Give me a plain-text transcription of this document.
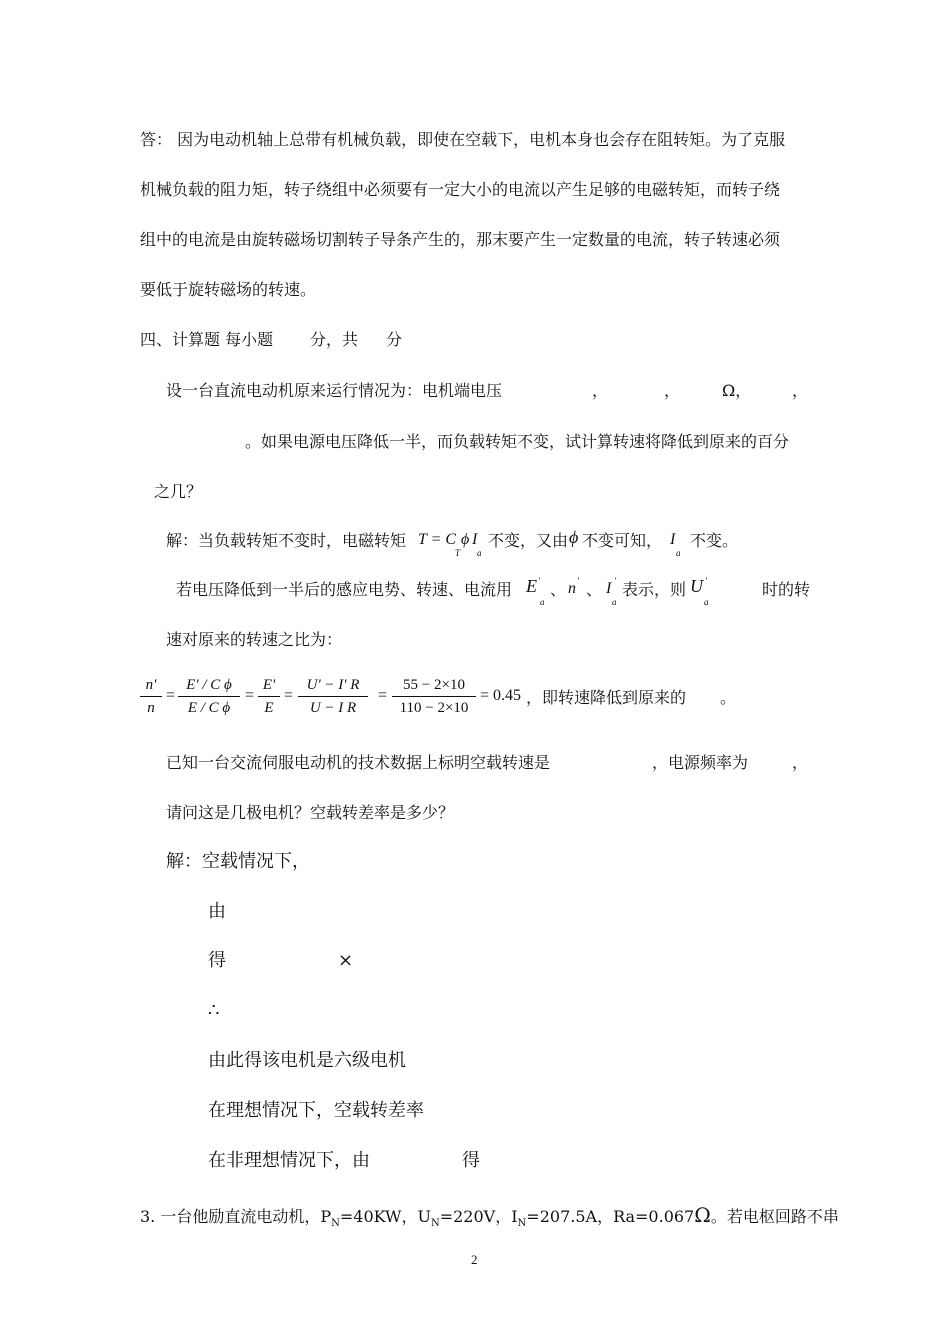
答： 因为电动机轴上总带有机械负载，即使在空载下，电机本身也会存在阻转矩。为了克服
机械负载的阻力矩，转子绕组中必须要有一定大小的电流以产生足够的电磁转矩，而转子绕
组中的电流是由旋转磁场切割转子导条产生的，那末要产生一定数量的电流，转子转速必须
要低于旋转磁场的转速。
四、计算题 每小题 分，共 分
设一台直流电动机原来运行情况为：电机端电压	，	，	Ω，	，
。如果电源电压降低一半，而负载转矩不变，试计算转速将降低到原来的百分
之几？
解：当负载转矩不变时，电磁转矩 T = C
T
ϕ I
a
不变，又由 ϕ 不变可知， I
a
不变。
若电压降低到一半后的感应电势、转速、电流用 E '
a
、 n ' 、 I '
a
表示，则 U '
a
时的转
速对原来的转速之比为：
n'
n
=
E' / C ϕ
E / C ϕ
=
E'
E
=
U' − I' R
U − I R
=
55 − 2×10
110 − 2×10
= 0.45 ，即转速降低到原来的 。
已知一台交流伺服电动机的技术数据上标明空载转速是	，电源频率为	，
请问这是几极电机？空载转差率是多少？
解：空载情况下，
由
得	×
∴
由此得该电机是六级电机
在理想情况下，空载转差率
在非理想情况下，由	得
3. 一台他励直流电动机，$P_N=40KW$，$U_N=220V$，$I_N=207.5A$，Ra=0.067Ω。若电枢回路不串
2
